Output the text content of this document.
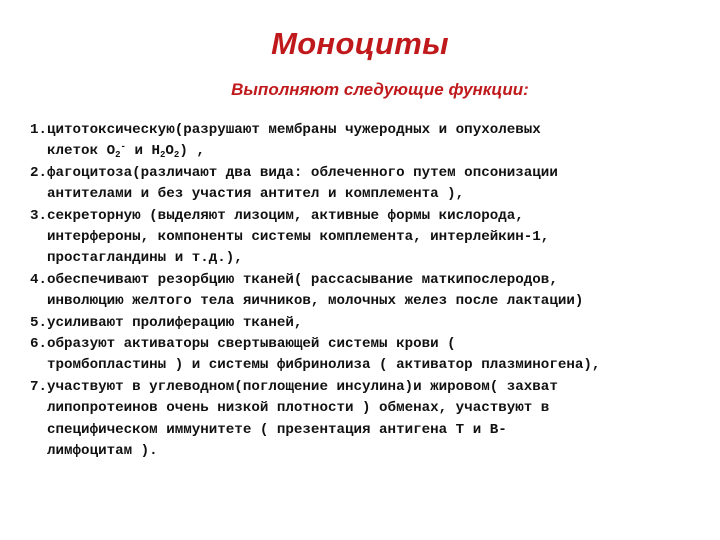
Моноциты
Выполняют следующие функции:
1. цитотоксическую(разрушают мембраны чужеродных и опухолевых
клеток $О_2^-$ и $Н_2О_2$) ,
2. фагоцитоза(различают два вида: облеченного путем опсонизации
антителами и без участия антител и комплемента ),
3. секреторную (выделяют лизоцим, активные формы кислорода,
интерфероны, компоненты системы комплемента, интерлейкин-1,
простагландины и т.д.),
4. обеспечивают резорбцию тканей( рассасывание маткипослеродов,
инволюцию желтого тела яичников, молочных желез после лактации)
5. усиливают пролиферацию тканей,
6. образуют активаторы свертывающей системы крови (
тромбопластины ) и системы фибринолиза ( активатор плазминогена),
7. участвуют в углеводном(поглощение инсулина)и жировом( захват
липопротеинов очень низкой плотности ) обменах, участвуют в
специфическом иммунитете ( презентация антигена Т и В-
лимфоцитам ).
